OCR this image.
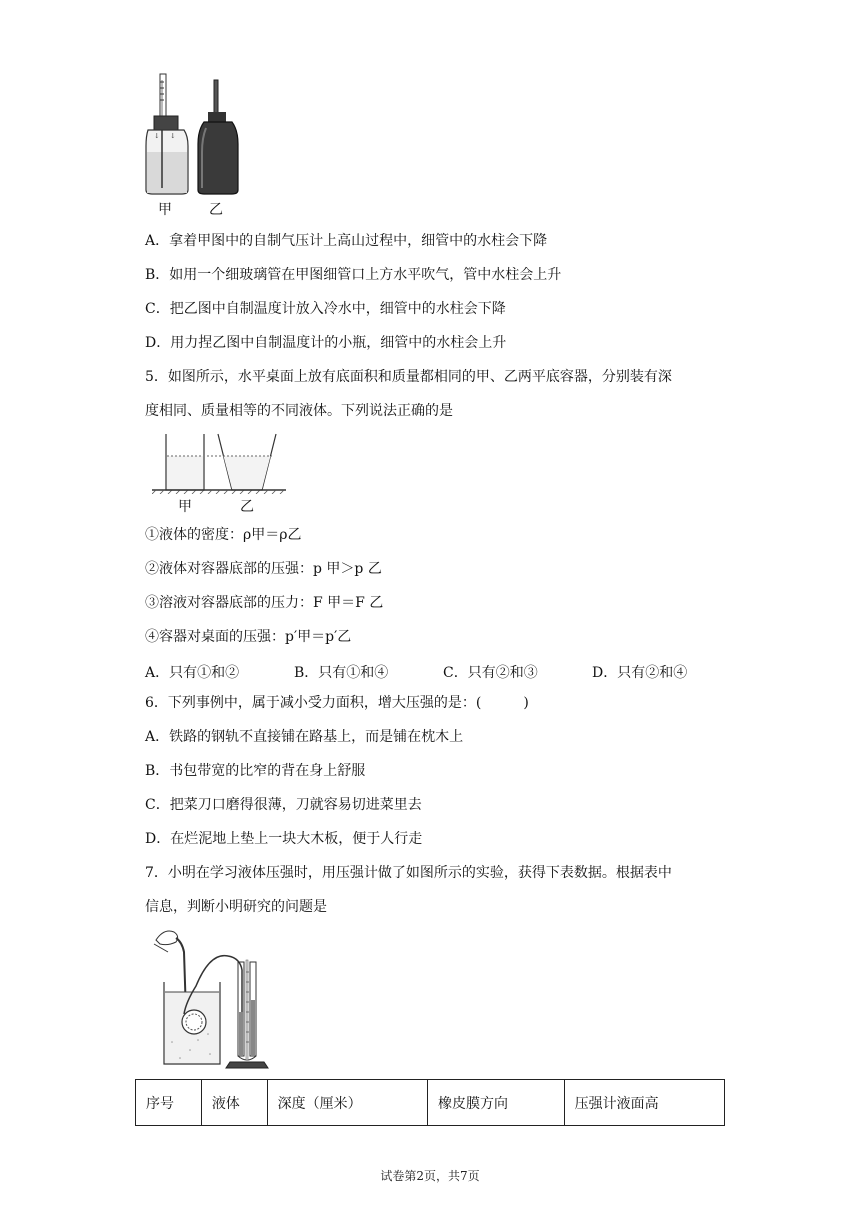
↓ ↓
甲	乙
A．拿着甲图中的自制气压计上高山过程中，细管中的水柱会下降
B．如用一个细玻璃管在甲图细管口上方水平吹气，管中水柱会上升
C．把乙图中自制温度计放入冷水中，细管中的水柱会下降
D．用力捏乙图中自制温度计的小瓶，细管中的水柱会上升
5．如图所示，水平桌面上放有底面积和质量都相同的甲、乙两平底容器，分别装有深
度相同、质量相等的不同液体。下列说法正确的是
甲	乙
①液体的密度：ρ甲＝ρ乙
②液体对容器底部的压强：p 甲＞p 乙
③溶液对容器底部的压力：F 甲＝F 乙
④容器对桌面的压强：p′甲＝p′乙
A．只有①和②	B．只有①和④	C．只有②和③	D．只有②和④
6．下列事例中，属于减小受力面积，增大压强的是：(　　　)
A．铁路的钢轨不直接铺在路基上，而是铺在枕木上
B．书包带宽的比窄的背在身上舒服
C．把菜刀口磨得很薄，刀就容易切进菜里去
D．在烂泥地上垫上一块大木板，便于人行走
7．小明在学习液体压强时，用压强计做了如图所示的实验，获得下表数据。根据表中
信息，判断小明研究的问题是
序号	液体	深度（厘米）	橡皮膜方向	压强计液面高
试卷第2页，共7页
